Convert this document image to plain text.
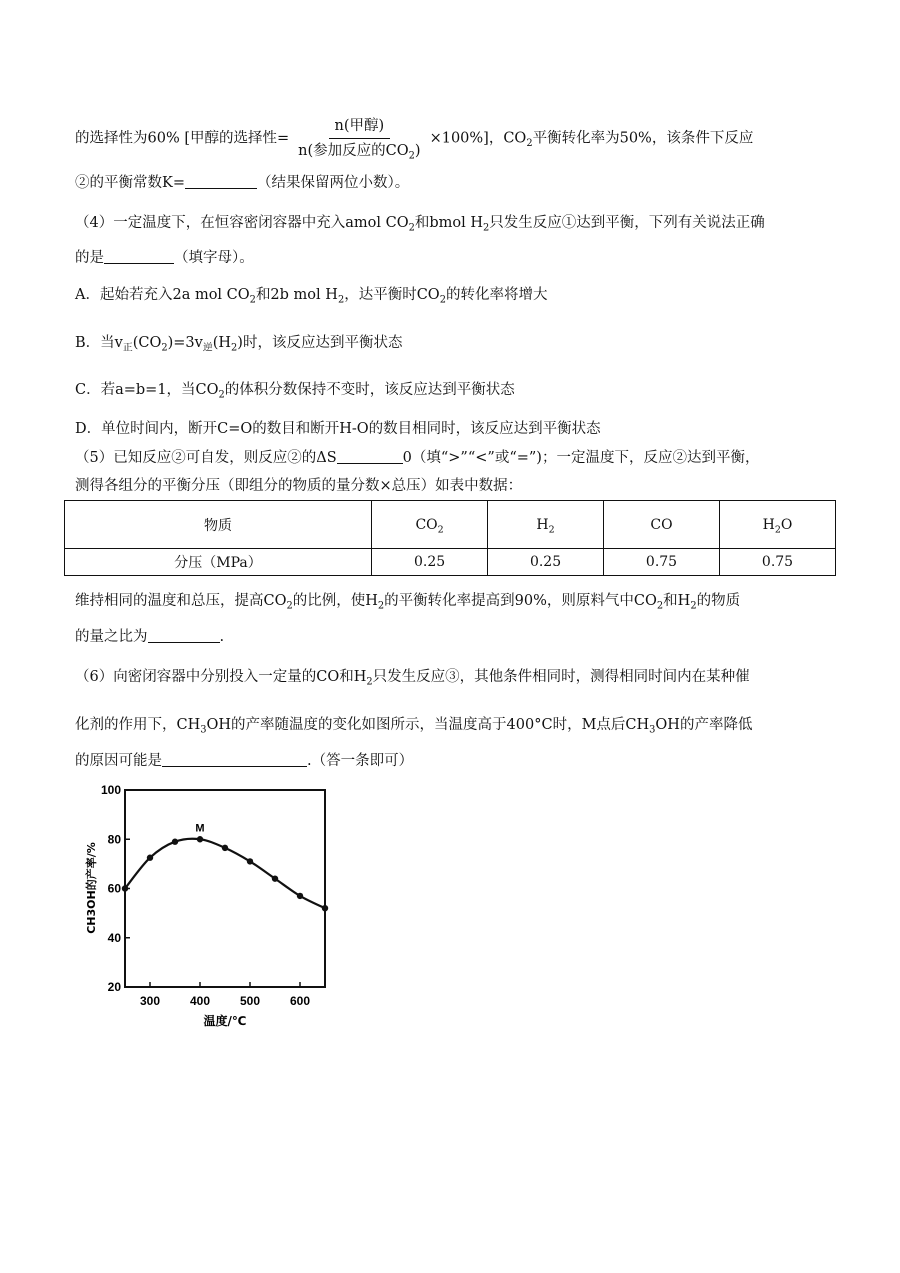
的选择性为60% [甲醇的选择性= $\frac{\text{n(甲醇)}}{n(参加反应的CO_2)} \times 100\%$]，$CO_2$平衡转化率为50%，该条件下反应
②的平衡常数K=	（结果保留两位小数）。
（4）一定温度下，在恒容密闭容器中充入amol $CO_2$和bmol $H_2$只发生反应①达到平衡，下列有关说法正确
的是	（填字母）。
A．起始若充入2a mol $CO_2$和2b mol $H_2$，达平衡时$CO_2$的转化率将增大
B．当$v_正(CO_2)=3v_逆(H_2)$时，该反应达到平衡状态
C．若a=b=1，当$CO_2$的体积分数保持不变时，该反应达到平衡状态
D．单位时间内，断开C=O的数目和断开H-O的数目相同时，该反应达到平衡状态
（5）已知反应②可自发，则反应②的ΔS	0（填“>”“<”或“=”)；一定温度下，反应②达到平衡，
测得各组分的平衡分压（即组分的物质的量分数×总压）如表中数据：
物质	$CO_2$	$H_2$	CO	$H_2O$
分压（MPa）	0.25	0.25	0.75	0.75
维持相同的温度和总压，提高$CO_2$的比例，使$H_2$的平衡转化率提高到90%，则原料气中$CO_2$和$H_2$的物质
的量之比为	.
（6）向密闭容器中分别投入一定量的CO和$H_2$只发生反应③，其他条件相同时，测得相同时间内在某种催
化剂的作用下，$CH_3OH$的产率随温度的变化如图所示，当温度高于400°C时，M点后$CH_3OH$的产率降低
的原因可能是	.（答一条即可）
300 400 500 600
20
40
60
80
100
M
温度/℃
CH3OH的产率/%
